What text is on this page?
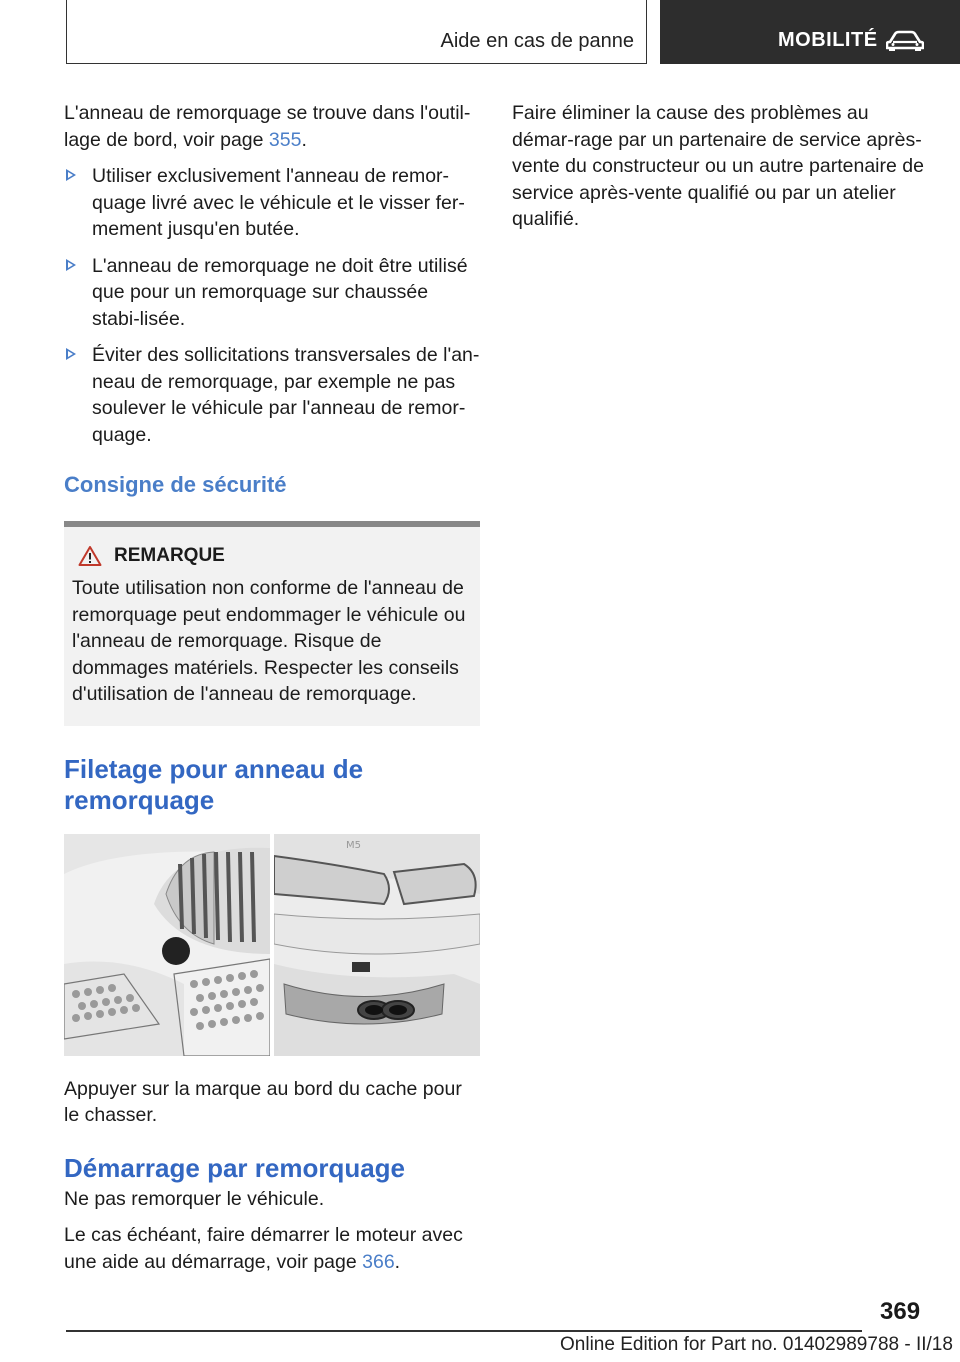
Aide en cas de panne	MOBILITÉ

L'anneau de remorquage se trouve dans l'outil-lage de bord, voir page 355.

Utiliser exclusivement l'anneau de remor-quage livré avec le véhicule et le visser fer-mement jusqu'en butée.
L'anneau de remorquage ne doit être utilisé que pour un remorquage sur chaussée stabi-lisée.
Éviter des sollicitations transversales de l'an-neau de remorquage, par exemple ne pas soulever le véhicule par l'anneau de remor-quage.
Consigne de sécurité
REMARQUE
Toute utilisation non conforme de l'anneau de remorquage peut endommager le véhicule ou l'anneau de remorquage. Risque de dommages matériels. Respecter les conseils d'utilisation de l'anneau de remorquage.
Filetage pour anneau de remorquage
M5

Appuyer sur la marque au bord du cache pour le chasser.

Démarrage par remorquage

Ne pas remorquer le véhicule.

Le cas échéant, faire démarrer le moteur avec une aide au démarrage, voir page 366.

Faire éliminer la cause des problèmes au démar-rage par un partenaire de service après-vente du constructeur ou un autre partenaire de service après-vente qualifié ou par un atelier qualifié.

369
Online Edition for Part no. 01402989788 - II/18
